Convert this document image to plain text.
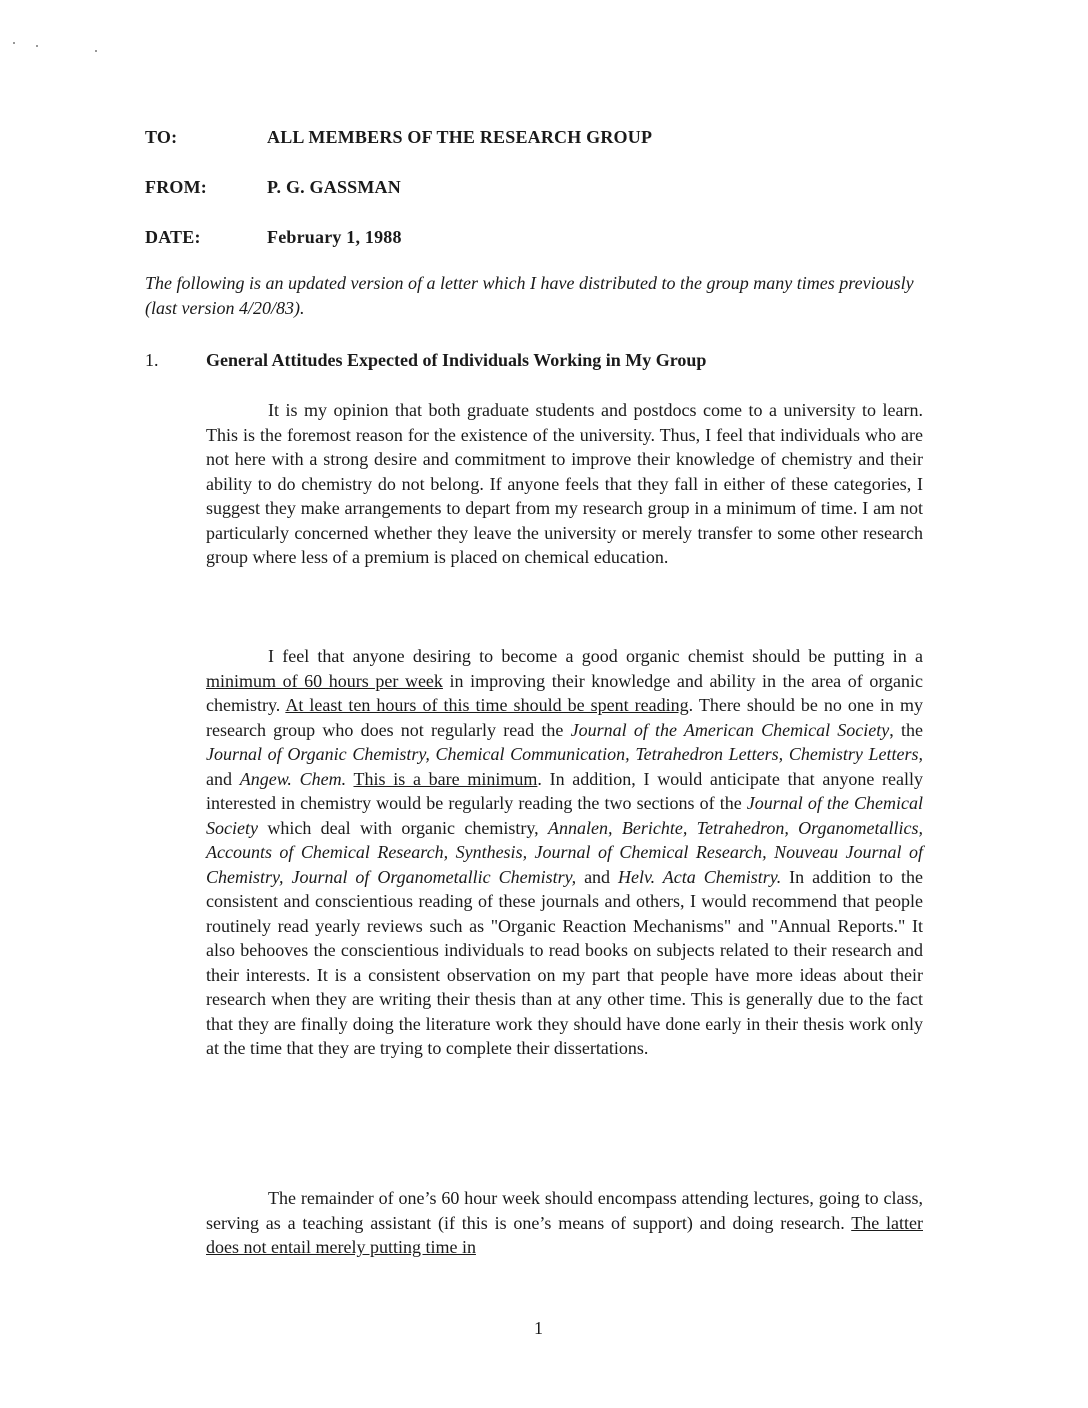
TO:	ALL MEMBERS OF THE RESEARCH GROUP
FROM:	P. G. GASSMAN
DATE:	February 1, 1988
The following is an updated version of a letter which I have distributed to the group many times previously (last version 4/20/83).
1.	General Attitudes Expected of Individuals Working in My Group
It is my opinion that both graduate students and postdocs come to a university to learn. This is the foremost reason for the existence of the university. Thus, I feel that individuals who are not here with a strong desire and commitment to improve their knowledge of chemistry and their ability to do chemistry do not belong. If anyone feels that they fall in either of these categories, I suggest they make arrangements to depart from my research group in a minimum of time. I am not particularly concerned whether they leave the university or merely transfer to some other research group where less of a premium is placed on chemical education.
I feel that anyone desiring to become a good organic chemist should be putting in a minimum of 60 hours per week in improving their knowledge and ability in the area of organic chemistry. At least ten hours of this time should be spent reading. There should be no one in my research group who does not regularly read the Journal of the American Chemical Society, the Journal of Organic Chemistry, Chemical Communication, Tetrahedron Letters, Chemistry Letters, and Angew. Chem. This is a bare minimum. In addition, I would anticipate that anyone really interested in chemistry would be regularly reading the two sections of the Journal of the Chemical Society which deal with organic chemistry, Annalen, Berichte, Tetrahedron, Organometallics, Accounts of Chemical Research, Synthesis, Journal of Chemical Research, Nouveau Journal of Chemistry, Journal of Organometallic Chemistry, and Helv. Acta Chemistry. In addition to the consistent and conscientious reading of these journals and others, I would recommend that people routinely read yearly reviews such as "Organic Reaction Mechanisms" and "Annual Reports." It also behooves the conscientious individuals to read books on subjects related to their research and their interests. It is a consistent observation on my part that people have more ideas about their research when they are writing their thesis than at any other time. This is generally due to the fact that they are finally doing the literature work they should have done early in their thesis work only at the time that they are trying to complete their dissertations.
The remainder of one’s 60 hour week should encompass attending lectures, going to class, serving as a teaching assistant (if this is one’s means of support) and doing research. The latter does not entail merely putting time in
1
